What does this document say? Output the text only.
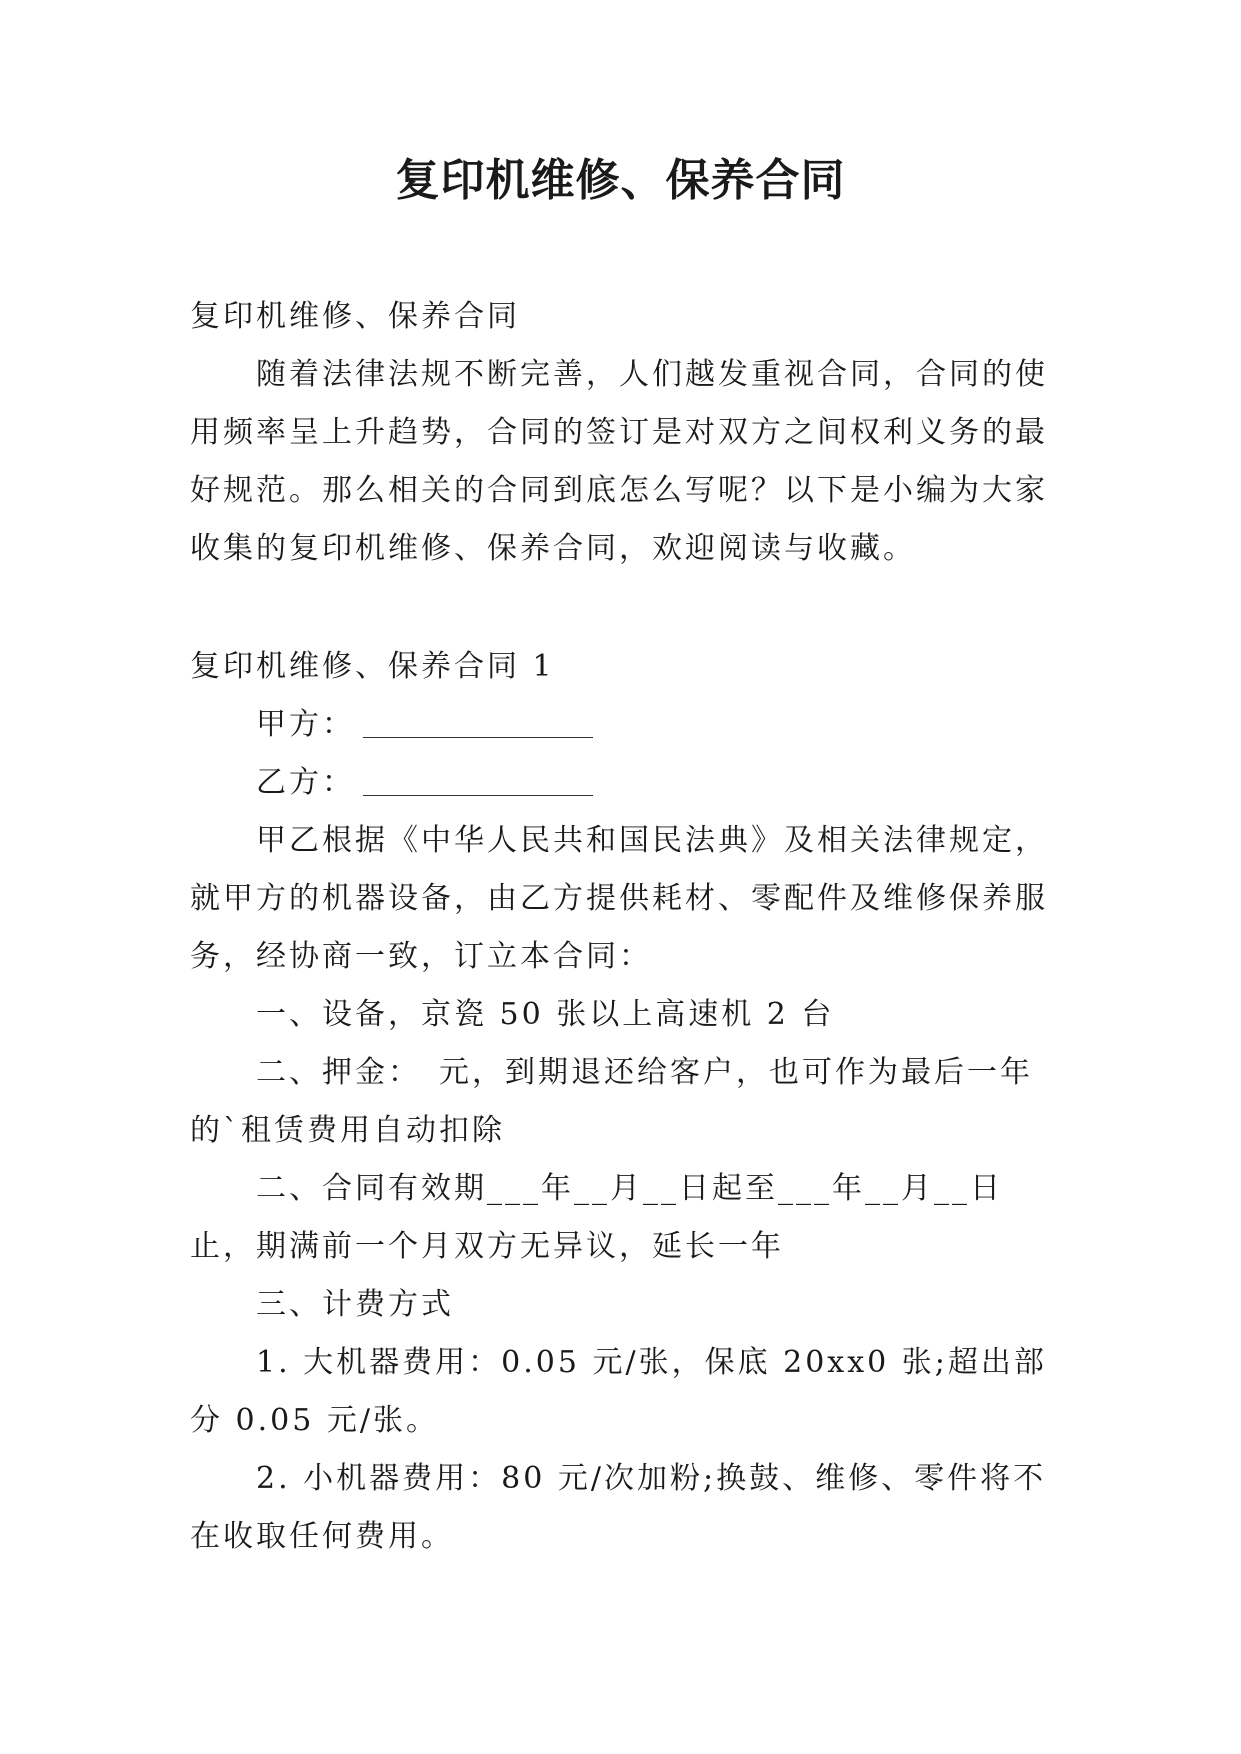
复印机维修、保养合同

复印机维修、保养合同

随着法律法规不断完善，人们越发重视合同，合同的使用频率呈上升趋势，合同的签订是对双方之间权利义务的最好规范。那么相关的合同到底怎么写呢？以下是小编为大家收集的复印机维修、保养合同，欢迎阅读与收藏。

复印机维修、保养合同 1

甲方：

乙方：

甲乙根据《中华人民共和国民法典》及相关法律规定，就甲方的机器设备，由乙方提供耗材、零配件及维修保养服务，经协商一致，订立本合同：

一、设备，京瓷 50 张以上高速机 2 台

二、押金：　元，到期退还给客户，也可作为最后一年的`租赁费用自动扣除

二、合同有效期___年__月__日起至___年__月__日止，期满前一个月双方无异议，延长一年

三、计费方式

1. 大机器费用：0.05 元/张，保底 20xx0 张;超出部分 0.05 元/张。

2. 小机器费用：80 元/次加粉;换鼓、维修、零件将不在收取任何费用。
